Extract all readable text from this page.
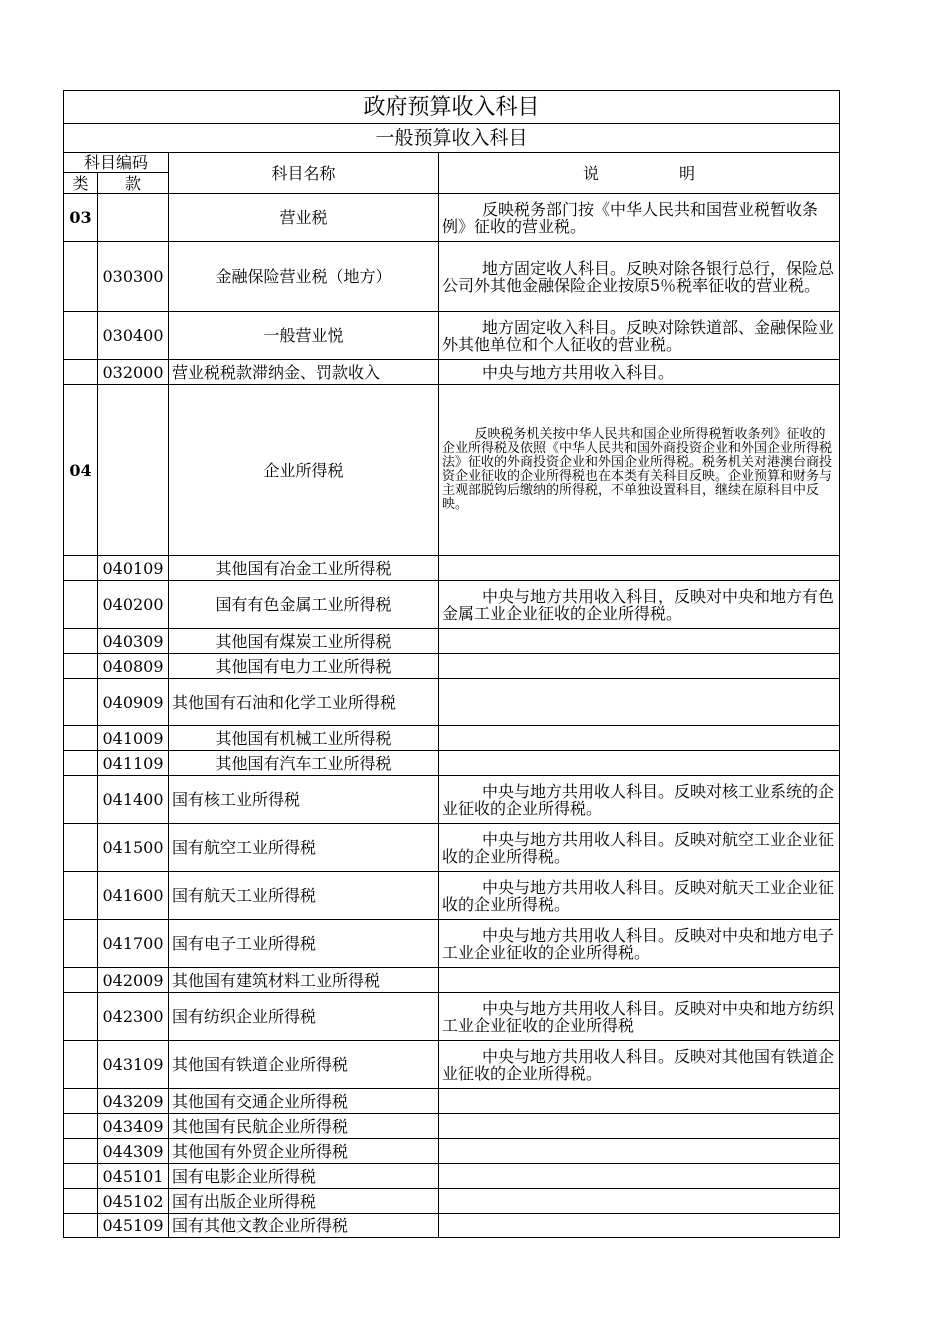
政府预算收入科目			
一般预算收入科目			
科目编码		科目名称	说　　　　　明
类	款		
03		营业税	反映税务部门按《中华人民共和国营业税暂收条例》征收的营业税。
	030300	金融保险营业税（地方）	地方固定收人科目。反映对除各银行总行，保险总公司外其他金融保险企业按原5％税率征收的营业税。
	030400	一般营业悦	地方固定收入科目。反映对除铁道部、金融保险业外其他单位和个人征收的营业税。
	032000	营业税税款滞纳金、罚款收入	中央与地方共用收入科目。
04		企业所得税	反映税务机关按中华人民共和国企业所得税暂收条列》征收的企业所得税及依照《中华人民共和国外商投资企业和外国企业所得税法》征收的外商投资企业和外国企业所得税。税务机关对港澳台商投资企业征收的企业所得税也在本类有关科目反映。企业预算和财务与主观部脱钩后缴纳的所得税，不单独设置科目，继续在原科目中反映。
	040109	其他国有冶金工业所得税	
	040200	国有有色金属工业所得税	中央与地方共用收入科目，反映对中央和地方有色金属工业企业征收的企业所得税。
	040309	其他国有煤炭工业所得税	
	040809	其他国有电力工业所得税	
	040909	其他国有石油和化学工业所得税	
	041009	其他国有机械工业所得税	
	041109	其他国有汽车工业所得税	
	041400	国有核工业所得税	中央与地方共用收人科目。反映对核工业系统的企业征收的企业所得税。
	041500	国有航空工业所得税	中央与地方共用收人科目。反映对航空工业企业征收的企业所得税。
	041600	国有航天工业所得税	中央与地方共用收人科目。反映对航天工业企业征收的企业所得税。
	041700	国有电子工业所得税	中央与地方共用收人科目。反映对中央和地方电子工业企业征收的企业所得税。
	042009	其他国有建筑材料工业所得税	
	042300	国有纺织企业所得税	中央与地方共用收人科目。反映对中央和地方纺织工业企业征收的企业所得税
	043109	其他国有铁道企业所得税	中央与地方共用收人科目。反映对其他国有铁道企业征收的企业所得税。
	043209	其他国有交通企业所得税	
	043409	其他国有民航企业所得税	
	044309	其他国有外贸企业所得税	
	045101	国有电影企业所得税	
	045102	国有出版企业所得税	
	045109	国有其他文教企业所得税	
